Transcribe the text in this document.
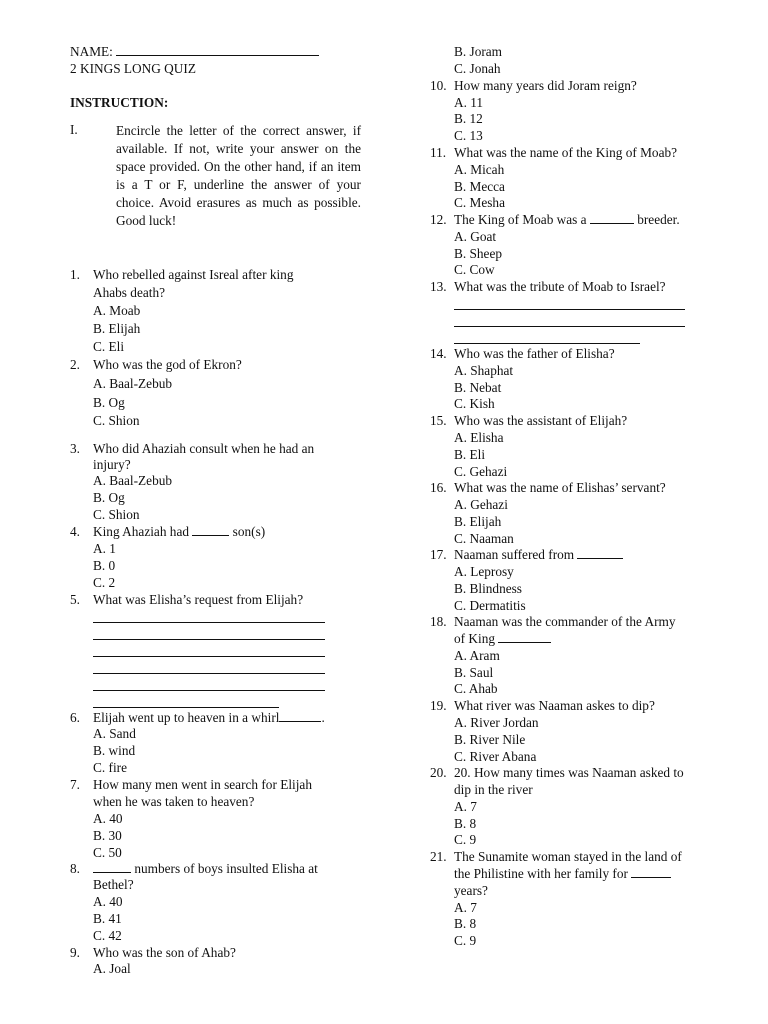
NAME:
2 KINGS LONG QUIZ
INSTRUCTION:
I.	Encircle the letter of the correct answer, if available. If not, write your answer on the space provided. On the other hand, if an item is a T or F, underline the answer of your choice. Avoid erasures as much as possible. Good luck!
1. Who rebelled against Isreal after king
Ahabs death?
A. Moab
B. Elijah
C. Eli
2. Who was the god of Ekron?
A. Baal-Zebub
B. Og
C. Shion
3. Who did Ahaziah consult when he had an
injury?
A. Baal-Zebub
B. Og
C. Shion
4. King Ahaziah had	son(s)
A. 1
B. 0
C. 2
5. What was Elisha’s request from Elijah?
6. Elijah went up to heaven in a whirl	.
A. Sand
B. wind
C. fire
7. How many men went in search for Elijah
when he was taken to heaven?
A. 40
B. 30
C. 50
8.	numbers of boys insulted Elisha at
Bethel?
A. 40
B. 41
C. 42
9. Who was the son of Ahab?
A. Joal
B. Joram
C. Jonah
10. How many years did Joram reign?
A. 11
B. 12
C. 13
11. What was the name of the King of Moab?
A. Micah
B. Mecca
C. Mesha
12. The King of Moab was a	breeder.
A. Goat
B. Sheep
C. Cow
13. What was the tribute of Moab to Israel?
14. Who was the father of Elisha?
A. Shaphat
B. Nebat
C. Kish
15. Who was the assistant of Elijah?
A. Elisha
B. Eli
C. Gehazi
16. What was the name of Elishas’ servant?
A. Gehazi
B. Elijah
C. Naaman
17. Naaman suffered from
A. Leprosy
B. Blindness
C. Dermatitis
18. Naaman was the commander of the Army
of King
A. Aram
B. Saul
C. Ahab
19. What river was Naaman askes to dip?
A. River Jordan
B. River Nile
C. River Abana
20. 20. How many times was Naaman asked to
dip in the river
A. 7
B. 8
C. 9
21. The Sunamite woman stayed in the land of
the Philistine with her family for
years?
A. 7
B. 8
C. 9
